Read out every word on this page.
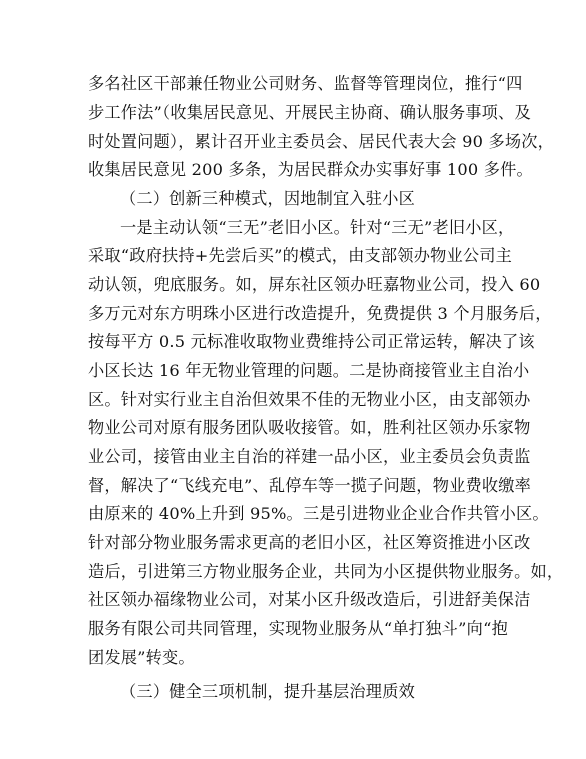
多名社区干部兼任物业公司财务、监督等管理岗位，推行“四
步工作法”（收集居民意见、开展民主协商、确认服务事项、及
时处置问题），累计召开业主委员会、居民代表大会 90 多场次，
收集居民意见 200 多条，为居民群众办实事好事 100 多件。
（二）创新三种模式，因地制宜入驻小区
一是主动认领“三无”老旧小区。针对“三无”老旧小区，
采取“政府扶持+先尝后买”的模式，由支部领办物业公司主
动认领，兜底服务。如，屏东社区领办旺嘉物业公司，投入 60
多万元对东方明珠小区进行改造提升，免费提供 3 个月服务后，
按每平方 0.5 元标准收取物业费维持公司正常运转，解决了该
小区长达 16 年无物业管理的问题。二是协商接管业主自治小
区。针对实行业主自治但效果不佳的无物业小区，由支部领办
物业公司对原有服务团队吸收接管。如，胜利社区领办乐家物
业公司，接管由业主自治的祥建一品小区，业主委员会负责监
督，解决了“飞线充电”、乱停车等一揽子问题，物业费收缴率
由原来的 40%上升到 95%。三是引进物业企业合作共管小区。
针对部分物业服务需求更高的老旧小区，社区筹资推进小区改
造后，引进第三方物业服务企业，共同为小区提供物业服务。如，
社区领办福缘物业公司，对某小区升级改造后，引进舒美保洁
服务有限公司共同管理，实现物业服务从“单打独斗”向“抱
团发展”转变。
（三）健全三项机制，提升基层治理质效
